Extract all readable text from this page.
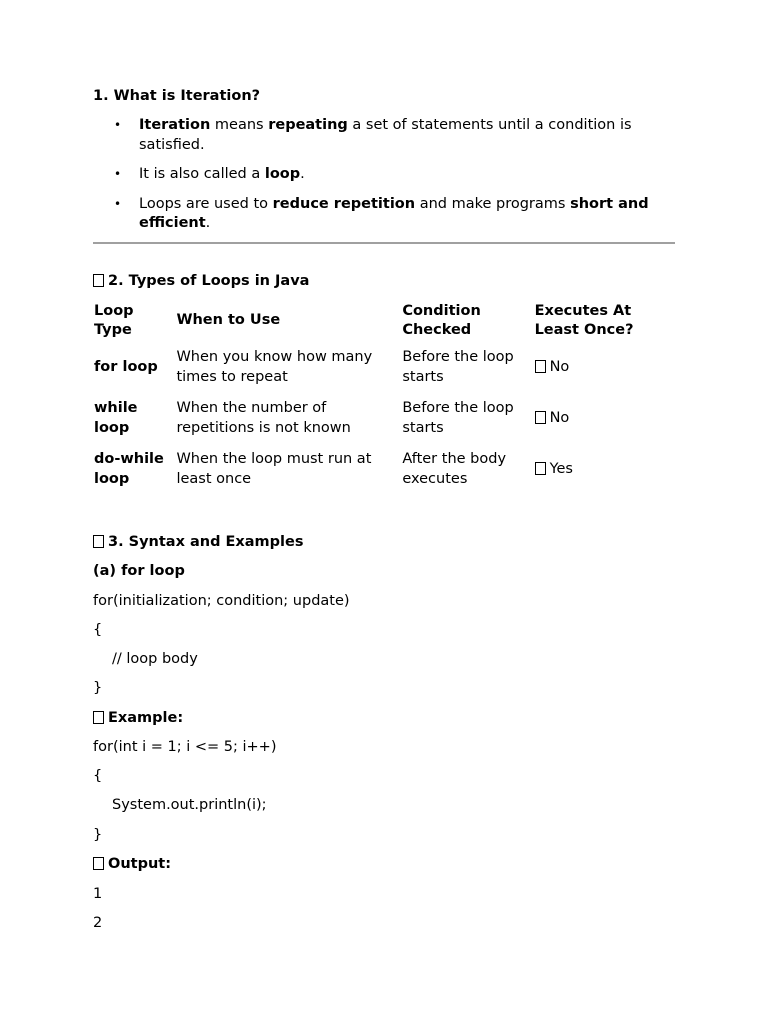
1. What is Iteration?
• Iteration means repeating a set of statements until a condition is satisfied.
• It is also called a loop.
• Loops are used to reduce repetition and make programs short and efficient.
2. Types of Loops in Java
Loop Type	When to Use	Condition Checked	Executes At Least Once?
for loop	When you know how many times to repeat	Before the loop starts	No
while loop	When the number of repetitions is not known	Before the loop starts	No
do-while loop	When the loop must run at least once	After the body executes	Yes
3. Syntax and Examples
(a) for loop
for(initialization; condition; update)
{
// loop body
}
Example:
for(int i = 1; i <= 5; i++)
{
System.out.println(i);
}
Output:
1
2
